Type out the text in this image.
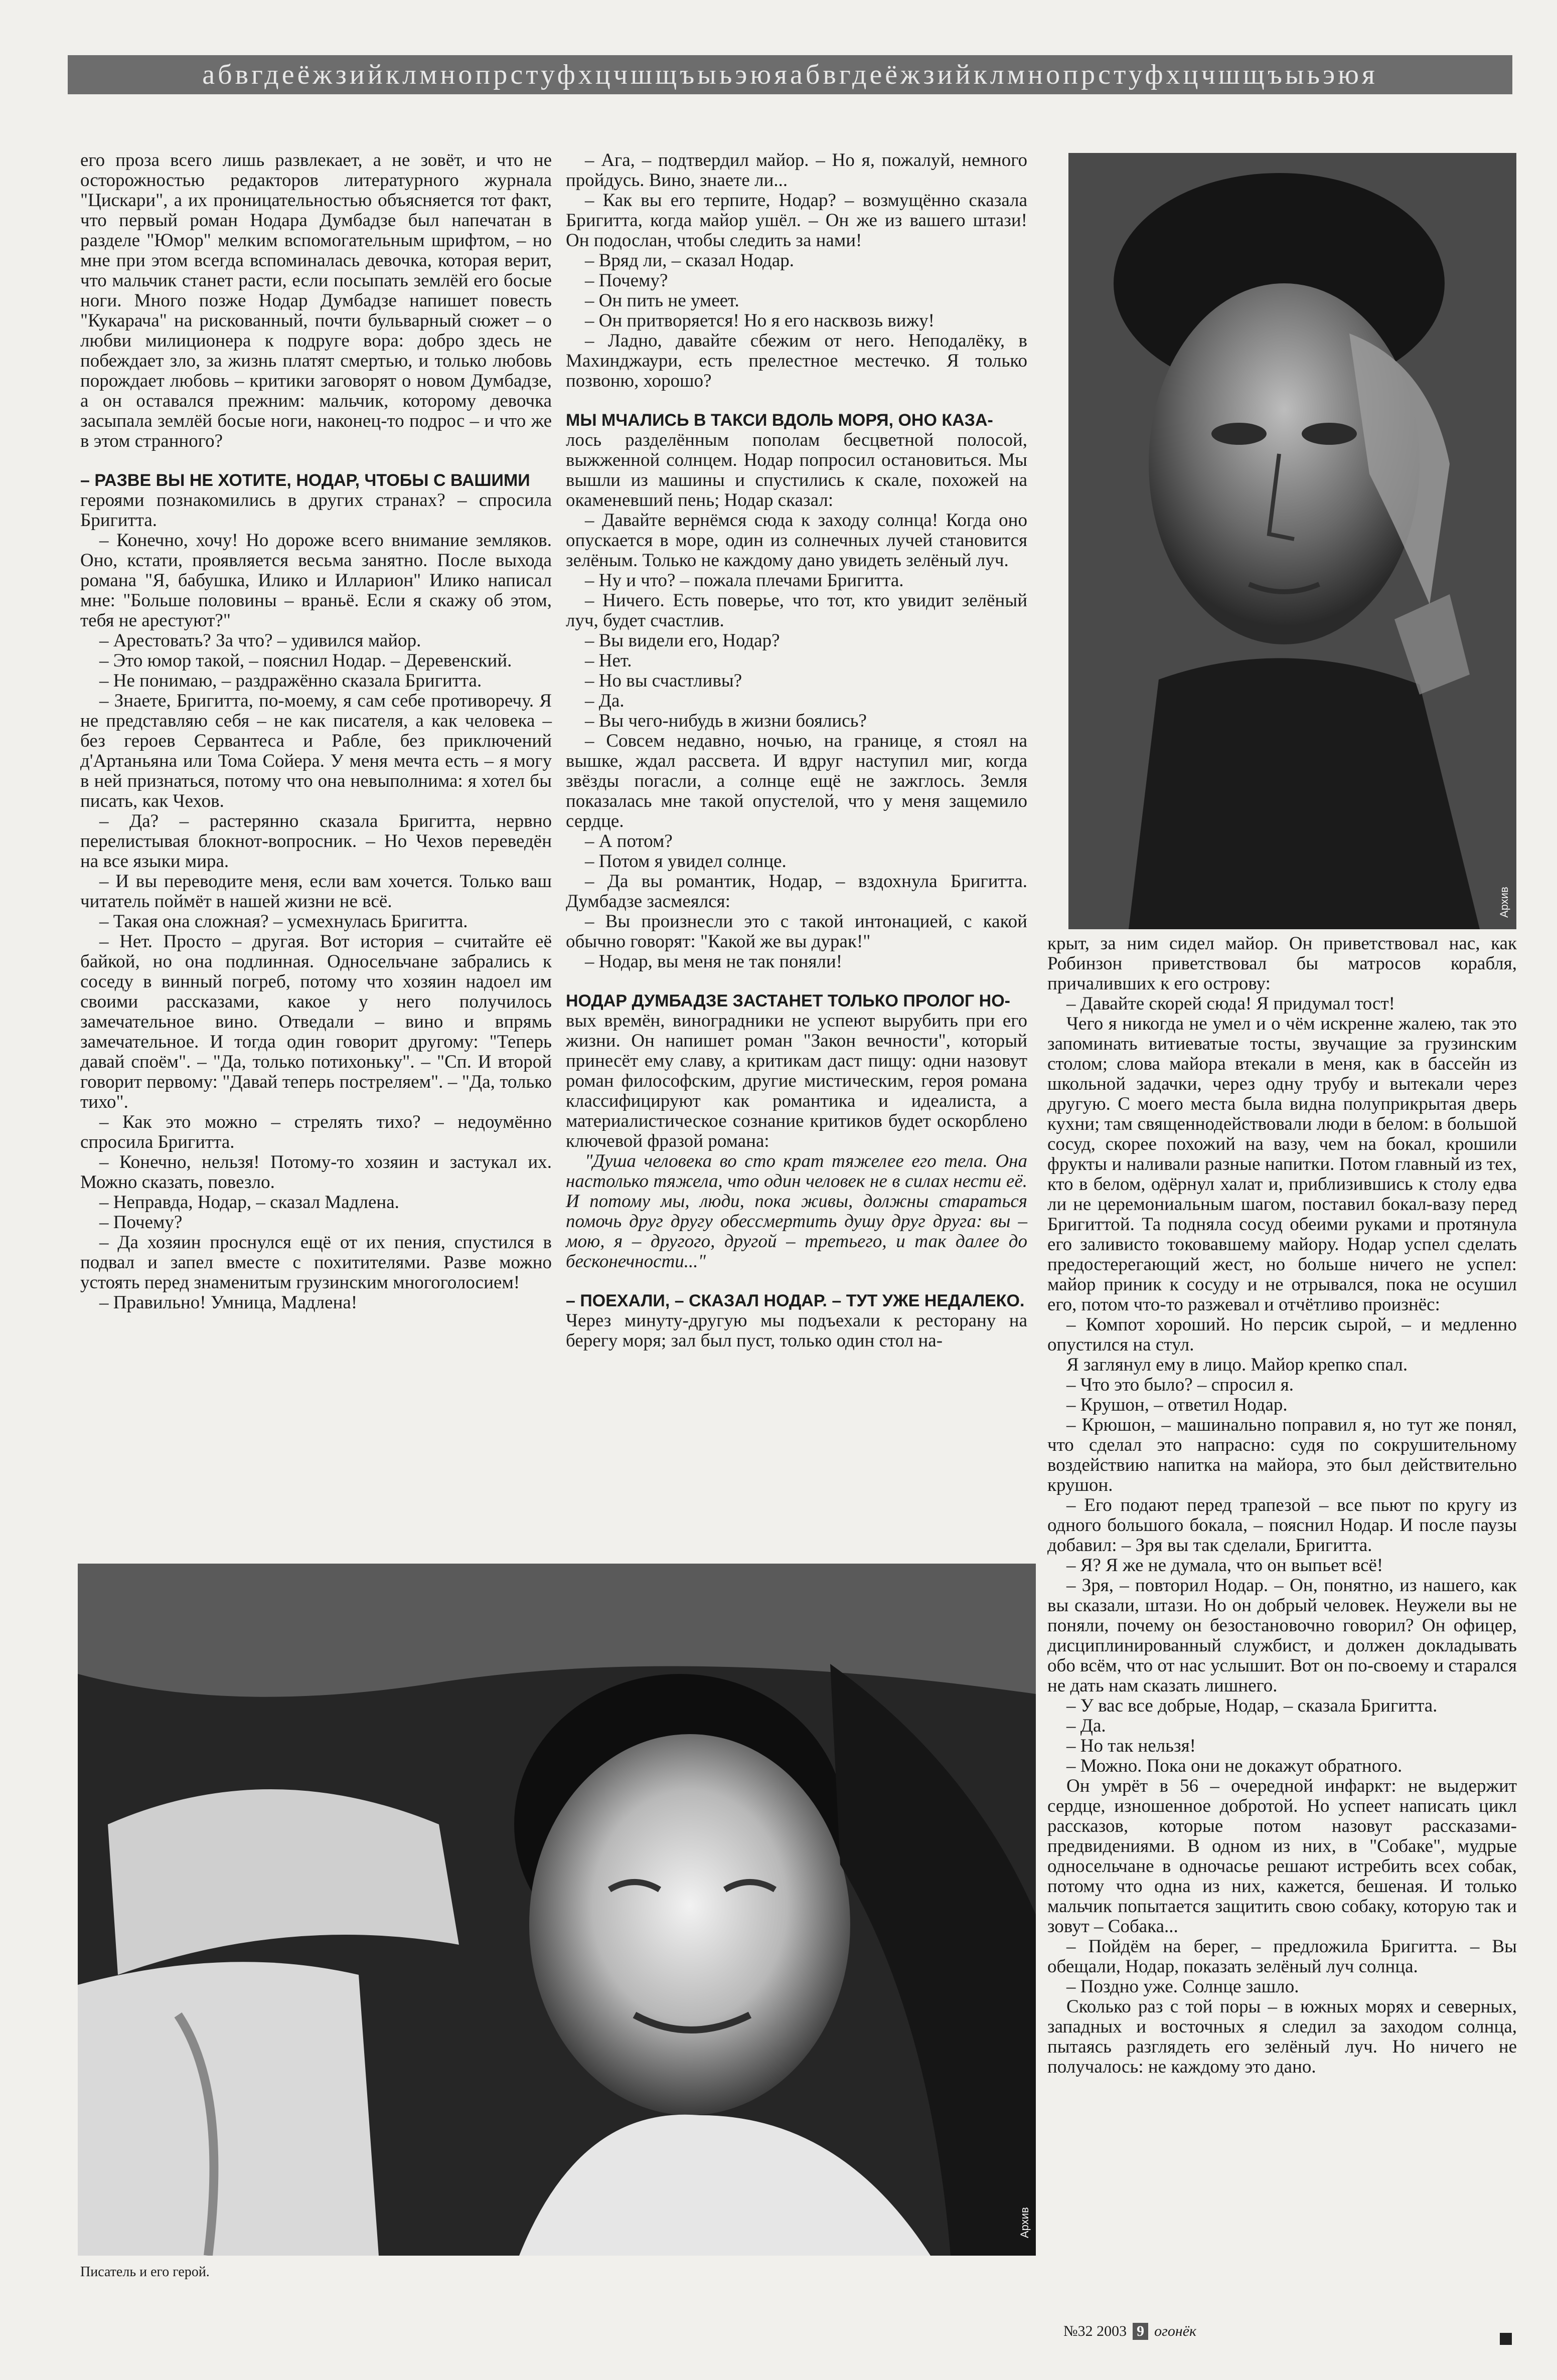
абвгдеёжзийклмнопрстуфхцчшщъыьэюяабвгдеёжзийклмнопрстуфхцчшщъыьэюя

его проза всего лишь развлекает, а не зовёт, и что не осторожностью редакторов литературного журнала "Цискари", а их проницательностью объясняется тот факт, что первый роман Нодара Думбадзе был напечатан в разделе "Юмор" мелким вспомогательным шрифтом, – но мне при этом всегда вспоминалась девочка, которая верит, что мальчик станет расти, если посыпать землёй его босые ноги. Много позже Нодар Думбадзе напишет повесть "Кукарача" на рискованный, почти бульварный сюжет – о любви милиционера к подруге вора: добро здесь не побеждает зло, за жизнь платят смертью, и только любовь порождает любовь – критики заговорят о новом Думбадзе, а он оставался прежним: мальчик, которому девочка засыпала землёй босые ноги, наконец-то подрос – и что же в этом странного?

– РАЗВЕ ВЫ НЕ ХОТИТЕ, НОДАР, ЧТОБЫ С ВАШИМИ

героями познакомились в других странах? – спросила Бригитта.

– Конечно, хочу! Но дороже всего внимание земляков. Оно, кстати, проявляется весьма занятно. После выхода романа "Я, бабушка, Илико и Илларион" Илико написал мне: "Больше половины – враньё. Если я скажу об этом, тебя не арестуют?"

– Арестовать? За что? – удивился майор.

– Это юмор такой, – пояснил Нодар. – Деревенский.

– Не понимаю, – раздражённо сказала Бригитта.

– Знаете, Бригитта, по-моему, я сам себе противоречу. Я не представляю себя – не как писателя, а как человека – без героев Сервантеса и Рабле, без приключений д'Артаньяна или Тома Сойера. У меня мечта есть – я могу в ней признаться, потому что она невыполнима: я хотел бы писать, как Чехов.

– Да? – растерянно сказала Бригитта, нервно перелистывая блокнот-вопросник. – Но Чехов переведён на все языки мира.

– И вы переводите меня, если вам хочется. Только ваш читатель поймёт в нашей жизни не всё.

– Такая она сложная? – усмехнулась Бригитта.

– Нет. Просто – другая. Вот история – считайте её байкой, но она подлинная. Односельчане забрались к соседу в винный погреб, потому что хозяин надоел им своими рассказами, какое у него получилось замечательное вино. Отведали – вино и впрямь замечательное. И тогда один говорит другому: "Теперь давай споём". – "Да, только потихоньку". – "Сп. И второй говорит первому: "Давай теперь постреляем". – "Да, только тихо".

– Как это можно – стрелять тихо? – недоумённо спросила Бригитта.

– Конечно, нельзя! Потому-то хозяин и застукал их. Можно сказать, повезло.

– Неправда, Нодар, – сказал Мадлена.

– Почему?

– Да хозяин проснулся ещё от их пения, спустился в подвал и запел вместе с похитителями. Разве можно устоять перед знаменитым грузинским многоголосием!

– Правильно! Умница, Мадлена!

– Ага, – подтвердил майор. – Но я, пожалуй, немного пройдусь. Вино, знаете ли...

– Как вы его терпите, Нодар? – возмущённо сказала Бригитта, когда майор ушёл. – Он же из вашего штази! Он подослан, чтобы следить за нами!

– Вряд ли, – сказал Нодар.

– Почему?

– Он пить не умеет.

– Он притворяется! Но я его насквозь вижу!

– Ладно, давайте сбежим от него. Неподалёку, в Махинджаури, есть прелестное местечко. Я только позвоню, хорошо?

МЫ МЧАЛИСЬ В ТАКСИ ВДОЛЬ МОРЯ, ОНО КАЗА-

лось разделённым пополам бесцветной полосой, выжженной солнцем. Нодар попросил остановиться. Мы вышли из машины и спустились к скале, похожей на окаменевший пень; Нодар сказал:

– Давайте вернёмся сюда к заходу солнца! Когда оно опускается в море, один из солнечных лучей становится зелёным. Только не каждому дано увидеть зелёный луч.

– Ну и что? – пожала плечами Бригитта.

– Ничего. Есть поверье, что тот, кто увидит зелёный луч, будет счастлив.

– Вы видели его, Нодар?

– Нет.

– Но вы счастливы?

– Да.

– Вы чего-нибудь в жизни боялись?

– Совсем недавно, ночью, на границе, я стоял на вышке, ждал рассвета. И вдруг наступил миг, когда звёзды погасли, а солнце ещё не зажглось. Земля показалась мне такой опустелой, что у меня защемило сердце.

– А потом?

– Потом я увидел солнце.

– Да вы романтик, Нодар, – вздохнула Бригитта. Думбадзе засмеялся:

– Вы произнесли это с такой интонацией, с какой обычно говорят: "Какой же вы дурак!"

– Нодар, вы меня не так поняли!

НОДАР ДУМБАДЗЕ ЗАСТАНЕТ ТОЛЬКО ПРОЛОГ НО-

вых времён, виноградники не успеют вырубить при его жизни. Он напишет роман "Закон вечности", который принесёт ему славу, а критикам даст пищу: одни назовут роман философским, другие мистическим, героя романа классифицируют как романтика и идеалиста, а материалистическое сознание критиков будет оскорблено ключевой фразой романа:

"Душа человека во сто крат тяжелее его тела. Она настолько тяжела, что один человек не в силах нести её. И потому мы, люди, пока живы, должны стараться помочь друг другу обессмертить душу друг друга: вы – мою, я – другого, другой – третьего, и так далее до бесконечности..."

– ПОЕХАЛИ, – СКАЗАЛ НОДАР. – ТУТ УЖЕ НЕДАЛЕКО.

Через минуту-другую мы подъехали к ресторану на берегу моря; зал был пуст, только один стол на-

Архив

крыт, за ним сидел майор. Он приветствовал нас, как Робинзон приветствовал бы матросов корабля, причаливших к его острову:

– Давайте скорей сюда! Я придумал тост!

Чего я никогда не умел и о чём искренне жалею, так это запоминать витиеватые тосты, звучащие за грузинским столом; слова майора втекали в меня, как в бассейн из школьной задачки, через одну трубу и вытекали через другую. С моего места была видна полуприкрытая дверь кухни; там священнодействовали люди в белом: в большой сосуд, скорее похожий на вазу, чем на бокал, крошили фрукты и наливали разные напитки. Потом главный из тех, кто в белом, одёрнул халат и, приблизившись к столу едва ли не церемониальным шагом, поставил бокал-вазу перед Бригиттой. Та подняла сосуд обеими руками и протянула его заливисто токовавшему майору. Нодар успел сделать предостерегающий жест, но больше ничего не успел: майор приник к сосуду и не отрывался, пока не осушил его, потом что-то разжевал и отчётливо произнёс:

– Компот хороший. Но персик сырой, – и медленно опустился на стул.

Я заглянул ему в лицо. Майор крепко спал.

– Что это было? – спросил я.

– Крушон, – ответил Нодар.

– Крюшон, – машинально поправил я, но тут же понял, что сделал это напрасно: судя по сокрушительному воздействию напитка на майора, это был действительно крушон.

– Его подают перед трапезой – все пьют по кругу из одного большого бокала, – пояснил Нодар. И после паузы добавил: – Зря вы так сделали, Бригитта.

– Я? Я же не думала, что он выпьет всё!

– Зря, – повторил Нодар. – Он, понятно, из нашего, как вы сказали, штази. Но он добрый человек. Неужели вы не поняли, почему он безостановочно говорил? Он офицер, дисциплинированный службист, и должен докладывать обо всём, что от нас услышит. Вот он по-своему и старался не дать нам сказать лишнего.

– У вас все добрые, Нодар, – сказала Бригитта.

– Да.

– Но так нельзя!

– Можно. Пока они не докажут обратного.

Он умрёт в 56 – очередной инфаркт: не выдержит сердце, изношенное добротой. Но успеет написать цикл рассказов, которые потом назовут рассказами-предвидениями. В одном из них, в "Собаке", мудрые односельчане в одночасье решают истребить всех собак, потому что одна из них, кажется, бешеная. И только мальчик попытается защитить свою собаку, которую так и зовут – Собака...

– Пойдём на берег, – предложила Бригитта. – Вы обещали, Нодар, показать зелёный луч солнца.

– Поздно уже. Солнце зашло.

Сколько раз с той поры – в южных морях и северных, западных и восточных я следил за заходом солнца, пытаясь разглядеть его зелёный луч. Но ничего не получалось: не каждому это дано.

Архив
Писатель и его герой.
№32 2003 9 огонёк
